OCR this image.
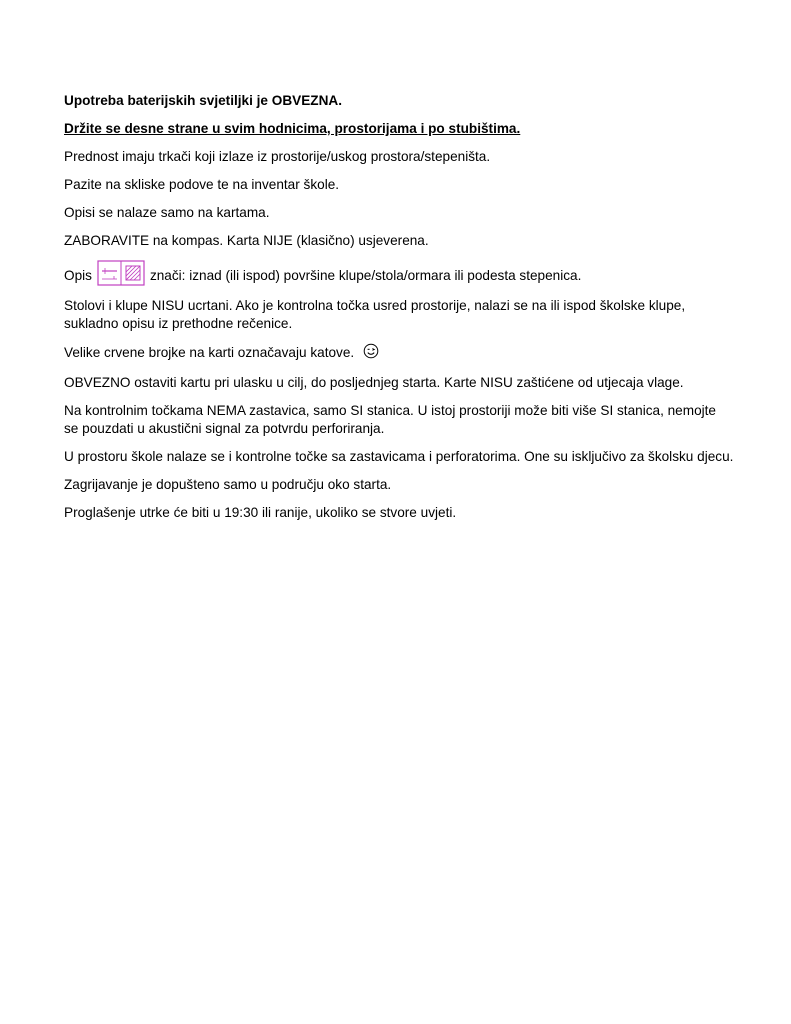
Upotreba baterijskih svjetiljki je OBVEZNA.

Držite se desne strane u svim hodnicima, prostorijama i po stubištima.

Prednost imaju trkači koji izlaze iz prostorije/uskog prostora/stepeništa.

Pazite na skliske podove te na inventar škole.

Opisi se nalaze samo na kartama.

ZABORAVITE na kompas. Karta NIJE (klasično) usjeverena.

Opis	znači: iznad (ili ispod) površine klupe/stola/ormara ili podesta stepenica.

Stolovi i klupe NISU ucrtani. Ako je kontrolna točka usred prostorije, nalazi se na ili ispod školske klupe, sukladno opisu iz prethodne rečenice.

Velike crvene brojke na karti označavaju katove.

OBVEZNO ostaviti kartu pri ulasku u cilj, do posljednjeg starta. Karte NISU zaštićene od utjecaja vlage.

Na kontrolnim točkama NEMA zastavica, samo SI stanica. U istoj prostoriji može biti više SI stanica, nemojte se pouzdati u akustični signal za potvrdu perforiranja.

U prostoru škole nalaze se i kontrolne točke sa zastavicama i perforatorima. One su isključivo za školsku djecu.

Zagrijavanje je dopušteno samo u području oko starta.

Proglašenje utrke će biti u 19:30 ili ranije, ukoliko se stvore uvjeti.
